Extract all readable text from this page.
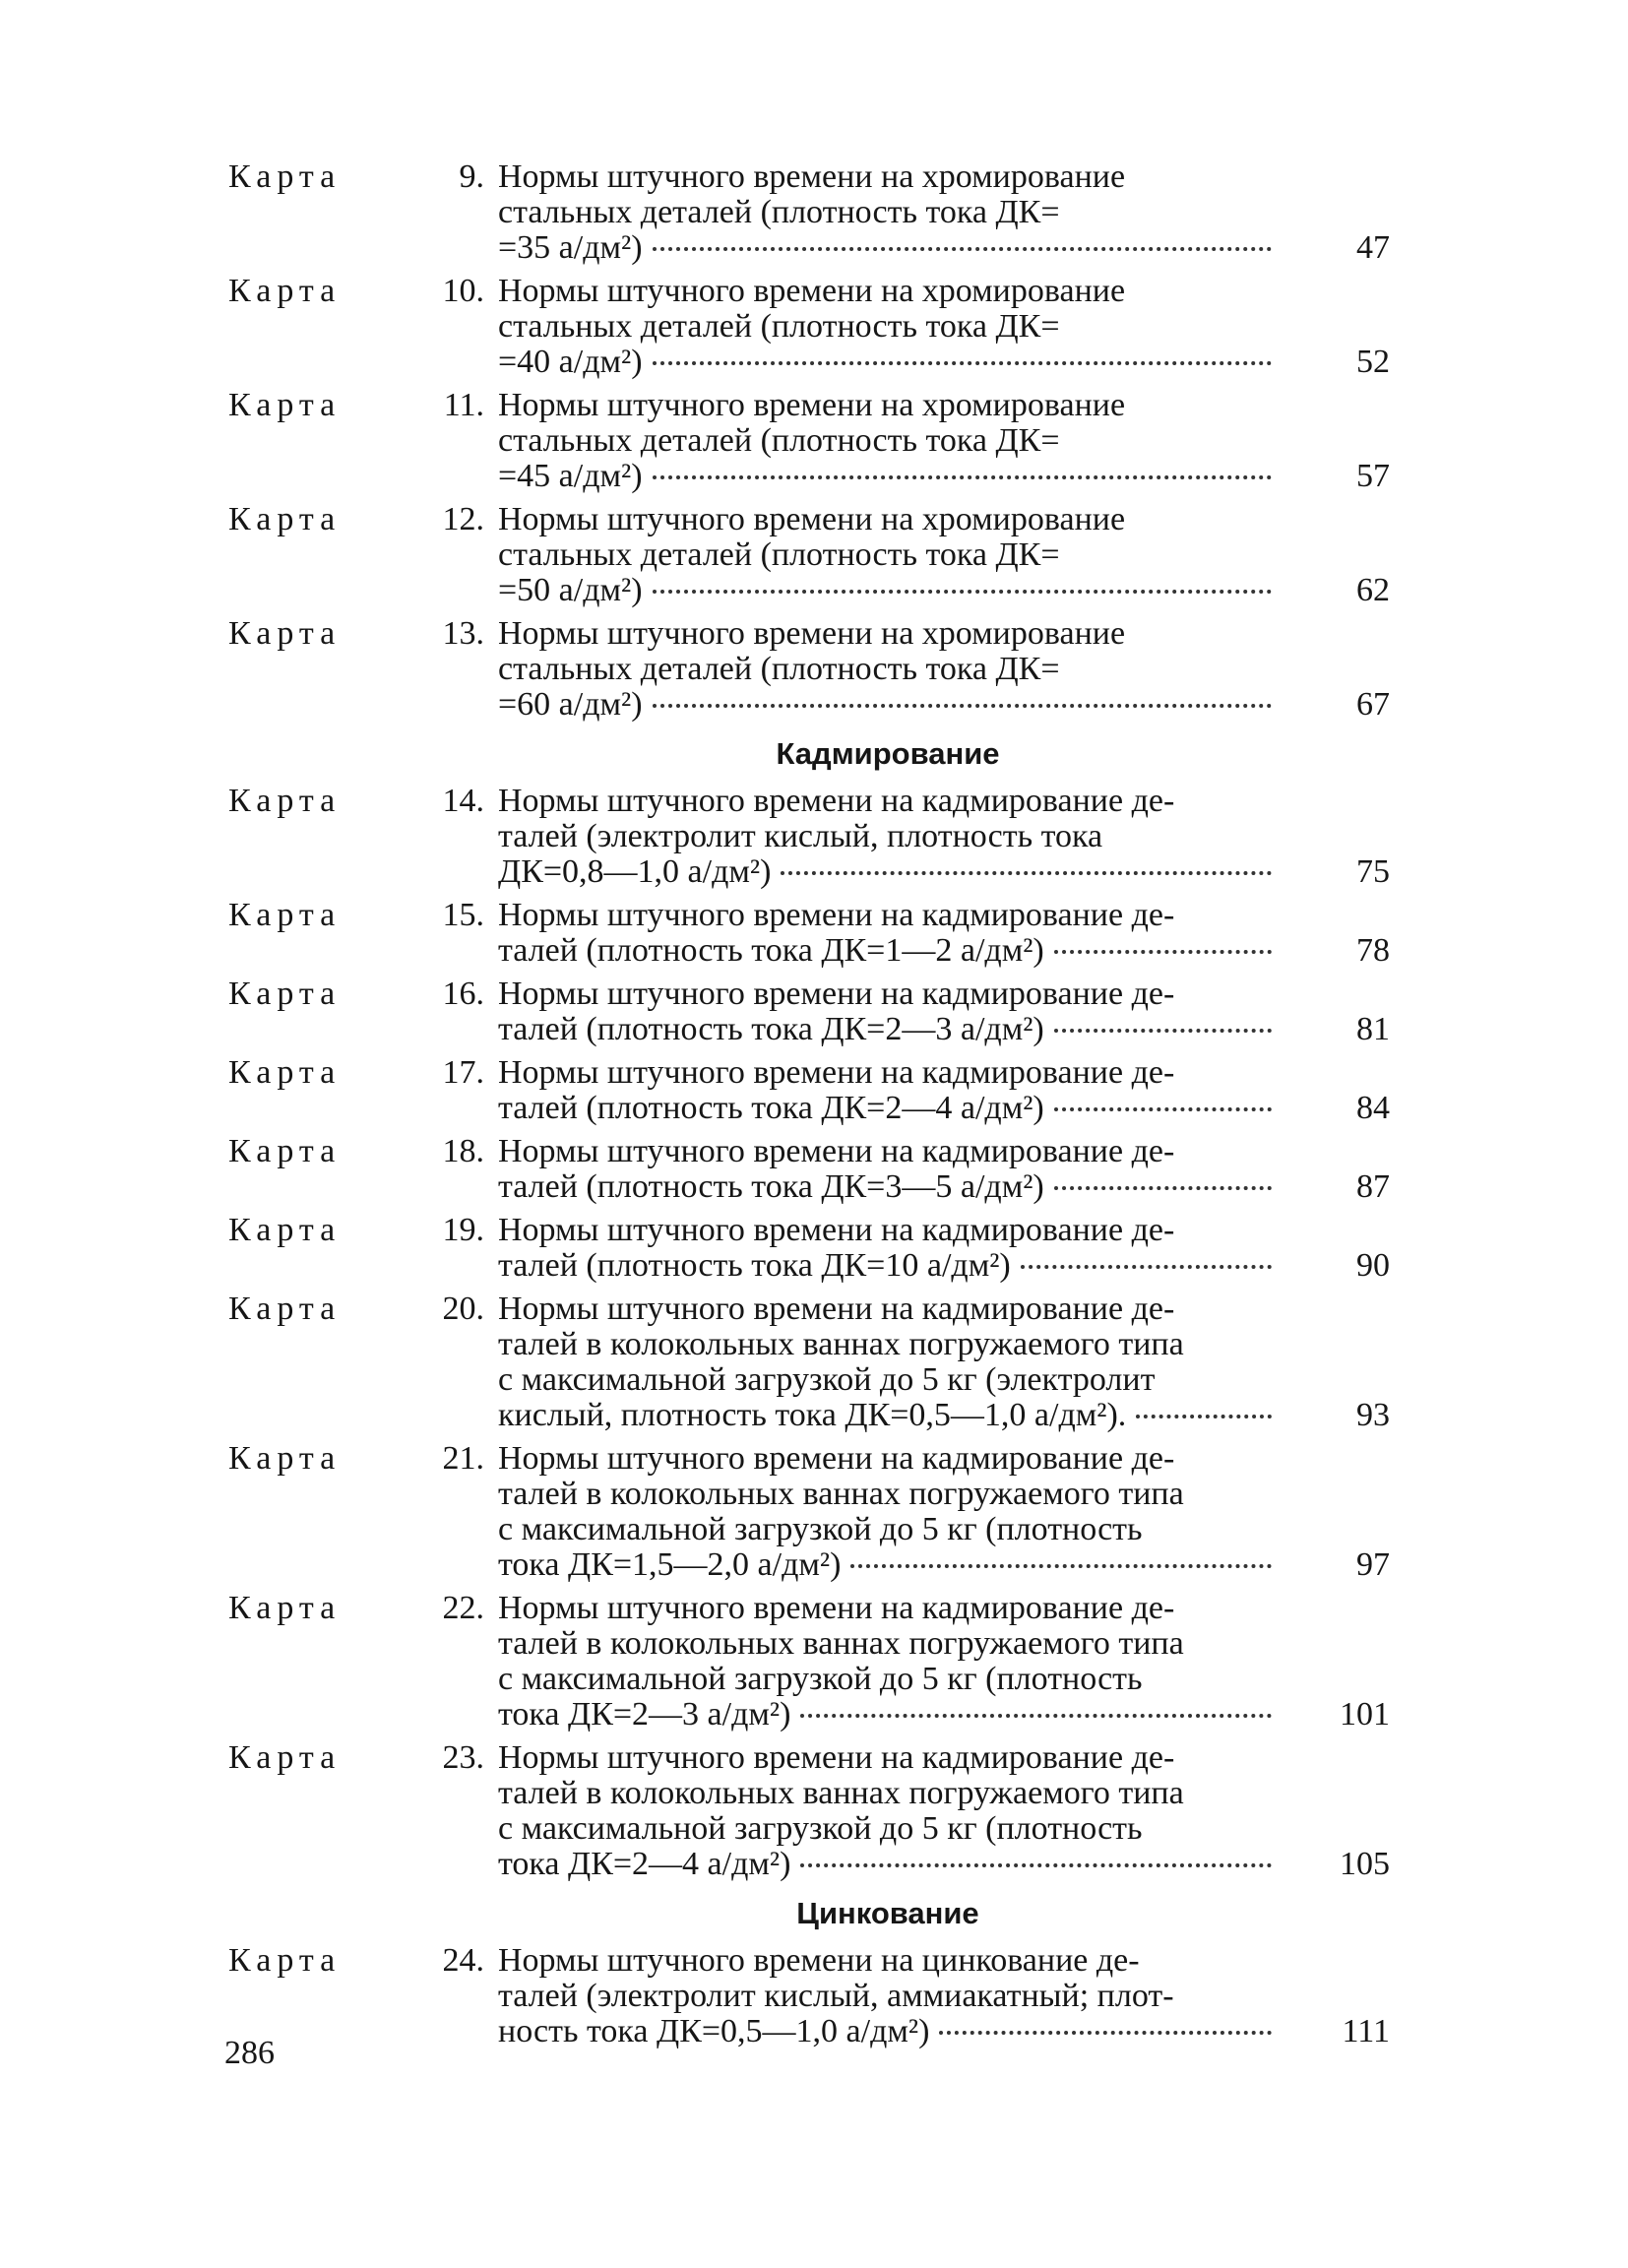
Карта	9. Нормы штучного времени на хромирование
стальных деталей (плотность тока ДК=
=35 а/дм²)	47
Карта	10. Нормы штучного времени на хромирование
стальных деталей (плотность тока ДК=
=40 а/дм²)	52
Карта	11. Нормы штучного времени на хромирование
стальных деталей (плотность тока ДК=
=45 а/дм²)	57
Карта	12. Нормы штучного времени на хромирование
стальных деталей (плотность тока ДК=
=50 а/дм²)	62
Карта	13. Нормы штучного времени на хромирование
стальных деталей (плотность тока ДК=
=60 а/дм²)	67
Кадмирование
Карта	14. Нормы штучного времени на кадмирование де-
талей (электролит кислый, плотность тока
ДК=0,8—1,0 а/дм²)	75
Карта	15. Нормы штучного времени на кадмирование де-
талей (плотность тока ДК=1—2 а/дм²)	78
Карта	16. Нормы штучного времени на кадмирование де-
талей (плотность тока ДК=2—3 а/дм²)	81
Карта	17. Нормы штучного времени на кадмирование де-
талей (плотность тока ДК=2—4 а/дм²)	84
Карта	18. Нормы штучного времени на кадмирование де-
талей (плотность тока ДК=3—5 а/дм²)	87
Карта	19. Нормы штучного времени на кадмирование де-
талей (плотность тока ДК=10 а/дм²)	90
Карта	20. Нормы штучного времени на кадмирование де-
талей в колокольных ваннах погружаемого типа
с максимальной загрузкой до 5 кг (электролит
кислый, плотность тока ДК=0,5—1,0 а/дм²).	93
Карта	21. Нормы штучного времени на кадмирование де-
талей в колокольных ваннах погружаемого типа
с максимальной загрузкой до 5 кг (плотность
тока ДК=1,5—2,0 а/дм²)	97
Карта	22. Нормы штучного времени на кадмирование де-
талей в колокольных ваннах погружаемого типа
с максимальной загрузкой до 5 кг (плотность
тока ДК=2—3 а/дм²)	101
Карта	23. Нормы штучного времени на кадмирование де-
талей в колокольных ваннах погружаемого типа
с максимальной загрузкой до 5 кг (плотность
тока ДК=2—4 а/дм²)	105
Цинкование
Карта	24. Нормы штучного времени на цинкование де-
талей (электролит кислый, аммиакатный; плот-
ность тока ДК=0,5—1,0 а/дм²)	111
286
